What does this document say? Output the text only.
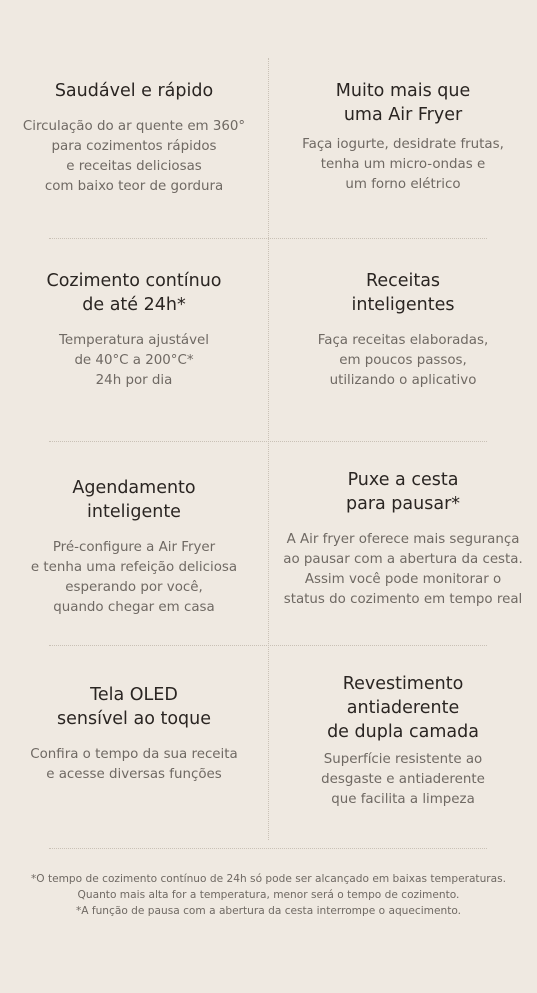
Saudável e rápido

Circulação do ar quente em 360°
para cozimentos rápidos
e receitas deliciosas
com baixo teor de gordura

Muito mais que
uma Air Fryer

Faça iogurte, desidrate frutas,
tenha um micro-ondas e
um forno elétrico

Cozimento contínuo
de até 24h*

Temperatura ajustável
de 40°C a 200°C*
24h por dia

Receitas
inteligentes

Faça receitas elaboradas,
em poucos passos,
utilizando o aplicativo

Agendamento
inteligente

Pré-configure a Air Fryer
e tenha uma refeição deliciosa
esperando por você,
quando chegar em casa

Puxe a cesta
para pausar*

A Air fryer oferece mais segurança
ao pausar com a abertura da cesta.
Assim você pode monitorar o
status do cozimento em tempo real

Tela OLED
sensível ao toque

Confira o tempo da sua receita
e acesse diversas funções

Revestimento
antiaderente
de dupla camada

Superfície resistente ao
desgaste e antiaderente
que facilita a limpeza

*O tempo de cozimento contínuo de 24h só pode ser alcançado em baixas temperaturas.
Quanto mais alta for a temperatura, menor será o tempo de cozimento.
*A função de pausa com a abertura da cesta interrompe o aquecimento.
